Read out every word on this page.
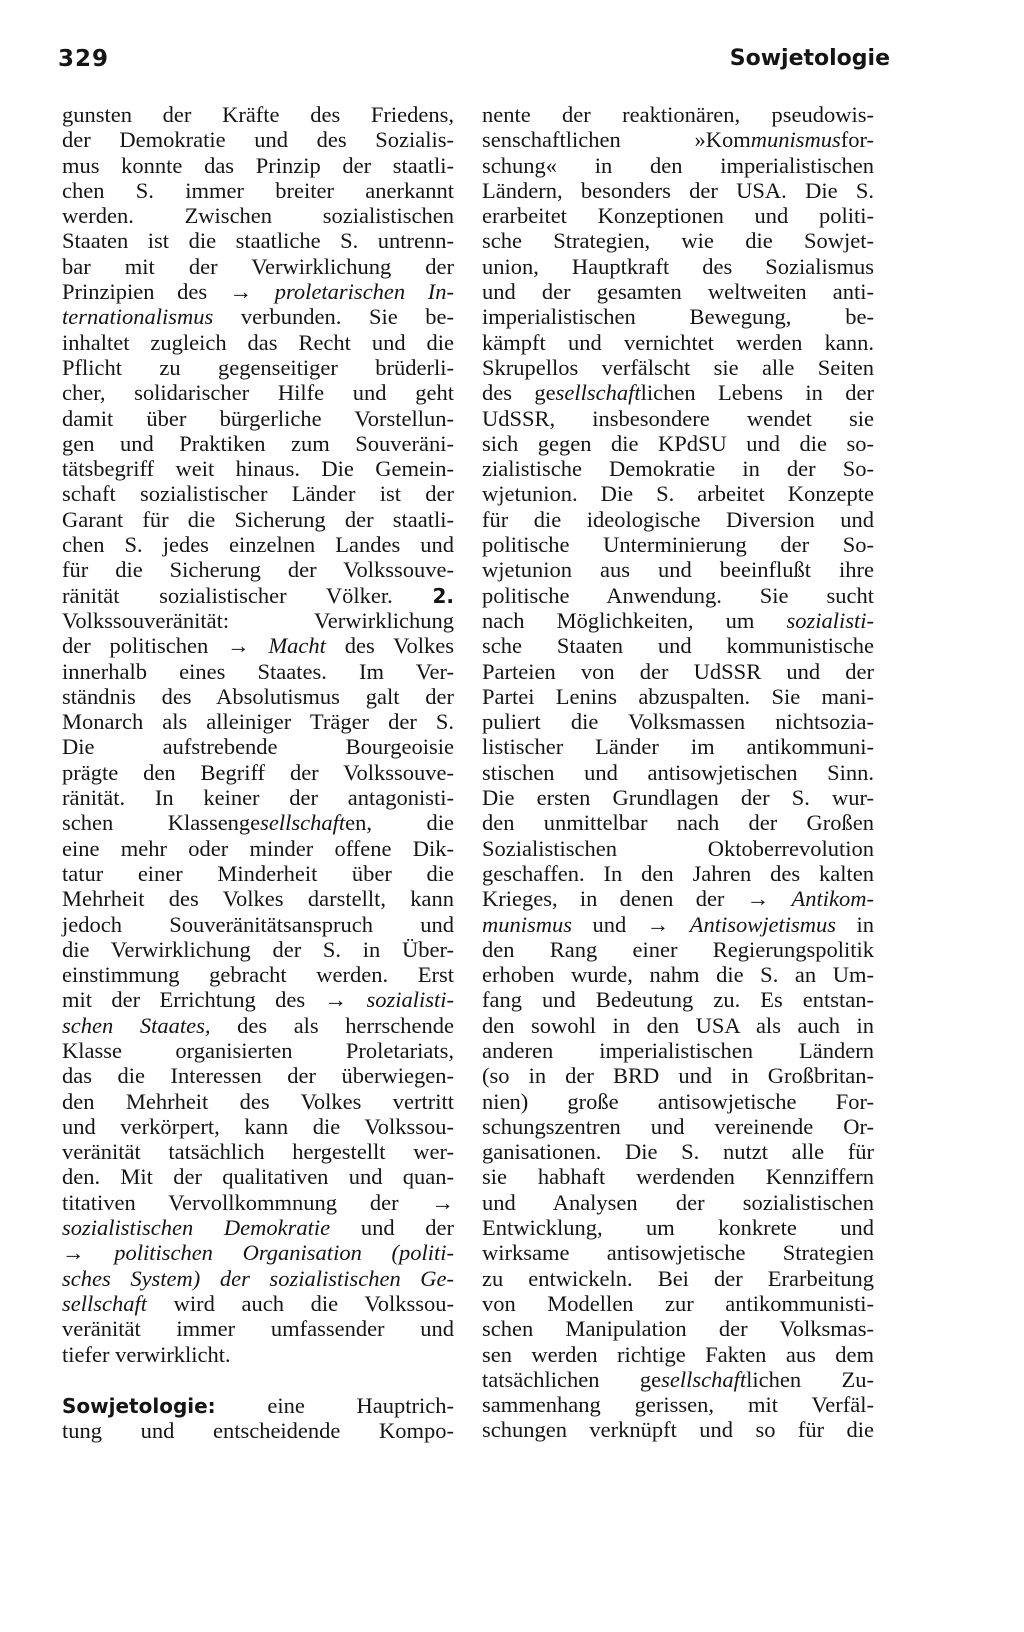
329	Sowjetologie
gunsten der Kräfte des Friedens,
der Demokratie und des Sozialis-
mus konnte das Prinzip der staatli-
chen S. immer breiter anerkannt
werden. Zwischen sozialistischen
Staaten ist die staatliche S. untrenn-
bar mit der Verwirklichung der
Prinzipien des → proletarischen In-
ternationalismus verbunden. Sie be-
inhaltet zugleich das Recht und die
Pflicht zu gegenseitiger brüderli-
cher, solidarischer Hilfe und geht
damit über bürgerliche Vorstellun-
gen und Praktiken zum Souveräni-
tätsbegriff weit hinaus. Die Gemein-
schaft sozialistischer Länder ist der
Garant für die Sicherung der staatli-
chen S. jedes einzelnen Landes und
für die Sicherung der Volkssouve-
ränität sozialistischer Völker. 2.
Volkssouveränität: Verwirklichung
der politischen → Macht des Volkes
innerhalb eines Staates. Im Ver-
ständnis des Absolutismus galt der
Monarch als alleiniger Träger der S.
Die aufstrebende Bourgeoisie
prägte den Begriff der Volkssouve-
ränität. In keiner der antagonisti-
schen Klassengesellschaften, die
eine mehr oder minder offene Dik-
tatur einer Minderheit über die
Mehrheit des Volkes darstellt, kann
jedoch Souveränitätsanspruch und
die Verwirklichung der S. in Über-
einstimmung gebracht werden. Erst
mit der Errichtung des → sozialisti-
schen Staates, des als herrschende
Klasse organisierten Proletariats,
das die Interessen der überwiegen-
den Mehrheit des Volkes vertritt
und verkörpert, kann die Volkssou-
veränität tatsächlich hergestellt wer-
den. Mit der qualitativen und quan-
titativen Vervollkommnung der →
sozialistischen Demokratie und der
→ politischen Organisation (politi-
sches System) der sozialistischen Ge-
sellschaft wird auch die Volkssou-
veränität immer umfassender und
tiefer verwirklicht.
Sowjetologie: eine Hauptrich-
tung und entscheidende Kompo-
nente der reaktionären, pseudowis-
senschaftlichen »Kommunismusfor-
schung« in den imperialistischen
Ländern, besonders der USA. Die S.
erarbeitet Konzeptionen und politi-
sche Strategien, wie die Sowjet-
union, Hauptkraft des Sozialismus
und der gesamten weltweiten anti-
imperialistischen Bewegung, be-
kämpft und vernichtet werden kann.
Skrupellos verfälscht sie alle Seiten
des gesellschaftlichen Lebens in der
UdSSR, insbesondere wendet sie
sich gegen die KPdSU und die so-
zialistische Demokratie in der So-
wjetunion. Die S. arbeitet Konzepte
für die ideologische Diversion und
politische Unterminierung der So-
wjetunion aus und beeinflußt ihre
politische Anwendung. Sie sucht
nach Möglichkeiten, um sozialisti-
sche Staaten und kommunistische
Parteien von der UdSSR und der
Partei Lenins abzuspalten. Sie mani-
puliert die Volksmassen nichtsozia-
listischer Länder im antikommuni-
stischen und antisowjetischen Sinn.
Die ersten Grundlagen der S. wur-
den unmittelbar nach der Großen
Sozialistischen Oktoberrevolution
geschaffen. In den Jahren des kalten
Krieges, in denen der → Antikom-
munismus und → Antisowjetismus in
den Rang einer Regierungspolitik
erhoben wurde, nahm die S. an Um-
fang und Bedeutung zu. Es entstan-
den sowohl in den USA als auch in
anderen imperialistischen Ländern
(so in der BRD und in Großbritan-
nien) große antisowjetische For-
schungszentren und vereinende Or-
ganisationen. Die S. nutzt alle für
sie habhaft werdenden Kennziffern
und Analysen der sozialistischen
Entwicklung, um konkrete und
wirksame antisowjetische Strategien
zu entwickeln. Bei der Erarbeitung
von Modellen zur antikommunisti-
schen Manipulation der Volksmas-
sen werden richtige Fakten aus dem
tatsächlichen gesellschaftlichen Zu-
sammenhang gerissen, mit Verfäl-
schungen verknüpft und so für die
